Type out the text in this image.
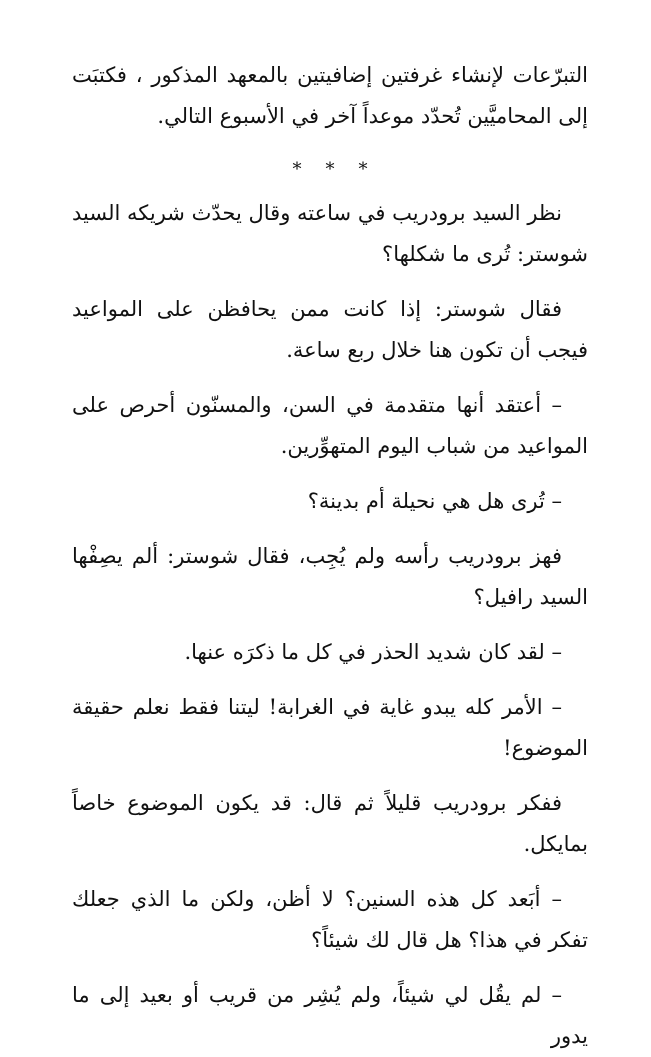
التبرّعات لإنشاء غرفتين إضافيتين بالمعهد المذكور ، فكتبَت إلى المحاميَّين تُحدّد موعداً آخر في الأسبوع التالي.

* * *

نظر السيد برودريب في ساعته وقال يحدّث شريكه السيد شوستر: تُرى ما شكلها؟

فقال شوستر: إذا كانت ممن يحافظن على المواعيد فيجب أن تكون هنا خلال ربع ساعة.

– أعتقد أنها متقدمة في السن، والمسنّون أحرص على المواعيد من شباب اليوم المتهوِّرين.

– تُرى هل هي نحيلة أم بدينة؟

فهز برودريب رأسه ولم يُجِب، فقال شوستر: ألم يصِفْها السيد رافيل؟

– لقد كان شديد الحذر في كل ما ذكرَه عنها.

– الأمر كله يبدو غاية في الغرابة! ليتنا فقط نعلم حقيقة الموضوع!

ففكر برودريب قليلاً ثم قال: قد يكون الموضوع خاصاً بمايكل.

– أبَعد كل هذه السنين؟ لا أظن، ولكن ما الذي جعلك تفكر في هذا؟ هل قال لك شيئاً؟

– لم يقُل لي شيئاً، ولم يُشِر من قريب أو بعيد إلى ما يدور
